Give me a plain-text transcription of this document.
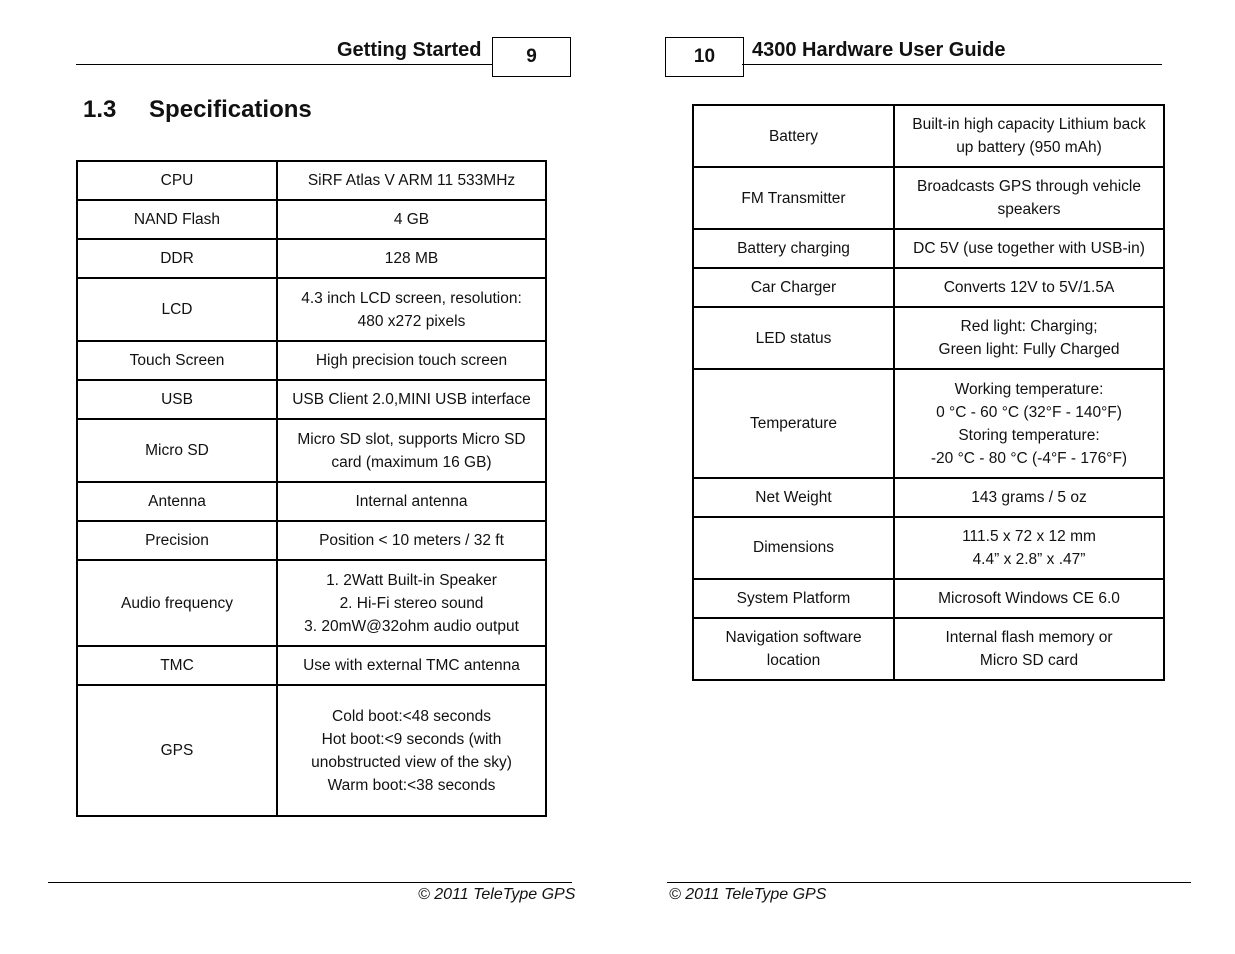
Getting Started	9
1.3 Specifications
CPU	SiRF Atlas V ARM 11 533MHz

NAND Flash	4 GB

DDR	128 MB

LCD	4.3 inch LCD screen, resolution:
480 x272 pixels

Touch Screen	High precision touch screen

USB	USB Client 2.0,MINI USB interface

Micro SD	Micro SD slot, supports Micro SD
card (maximum 16 GB)

Antenna	Internal antenna

Precision	Position < 10 meters / 32 ft

Audio frequency	1. 2Watt Built-in Speaker
2. Hi-Fi stereo sound
3. 20mW@32ohm audio output

TMC	Use with external TMC antenna

GPS	Cold boot:<48 seconds
Hot boot:<9 seconds (with
unobstructed view of the sky)
Warm boot:<38 seconds
© 2011 TeleType GPS
10	4300 Hardware User Guide
Battery	Built-in high capacity Lithium back
up battery (950 mAh)

FM Transmitter	Broadcasts GPS through vehicle
speakers

Battery charging	DC 5V (use together with USB-in)

Car Charger	Converts 12V to 5V/1.5A

LED status	Red light: Charging;
Green light: Fully Charged

Temperature	Working temperature:
0 °C - 60 °C (32°F - 140°F)
Storing temperature:
-20 °C - 80 °C (-4°F - 176°F)

Net Weight	143 grams / 5 oz

Dimensions	111.5 x 72 x 12 mm
4.4” x 2.8” x .47”

System Platform	Microsoft Windows CE 6.0

Navigation software
location	Internal flash memory or
Micro SD card
© 2011 TeleType GPS
